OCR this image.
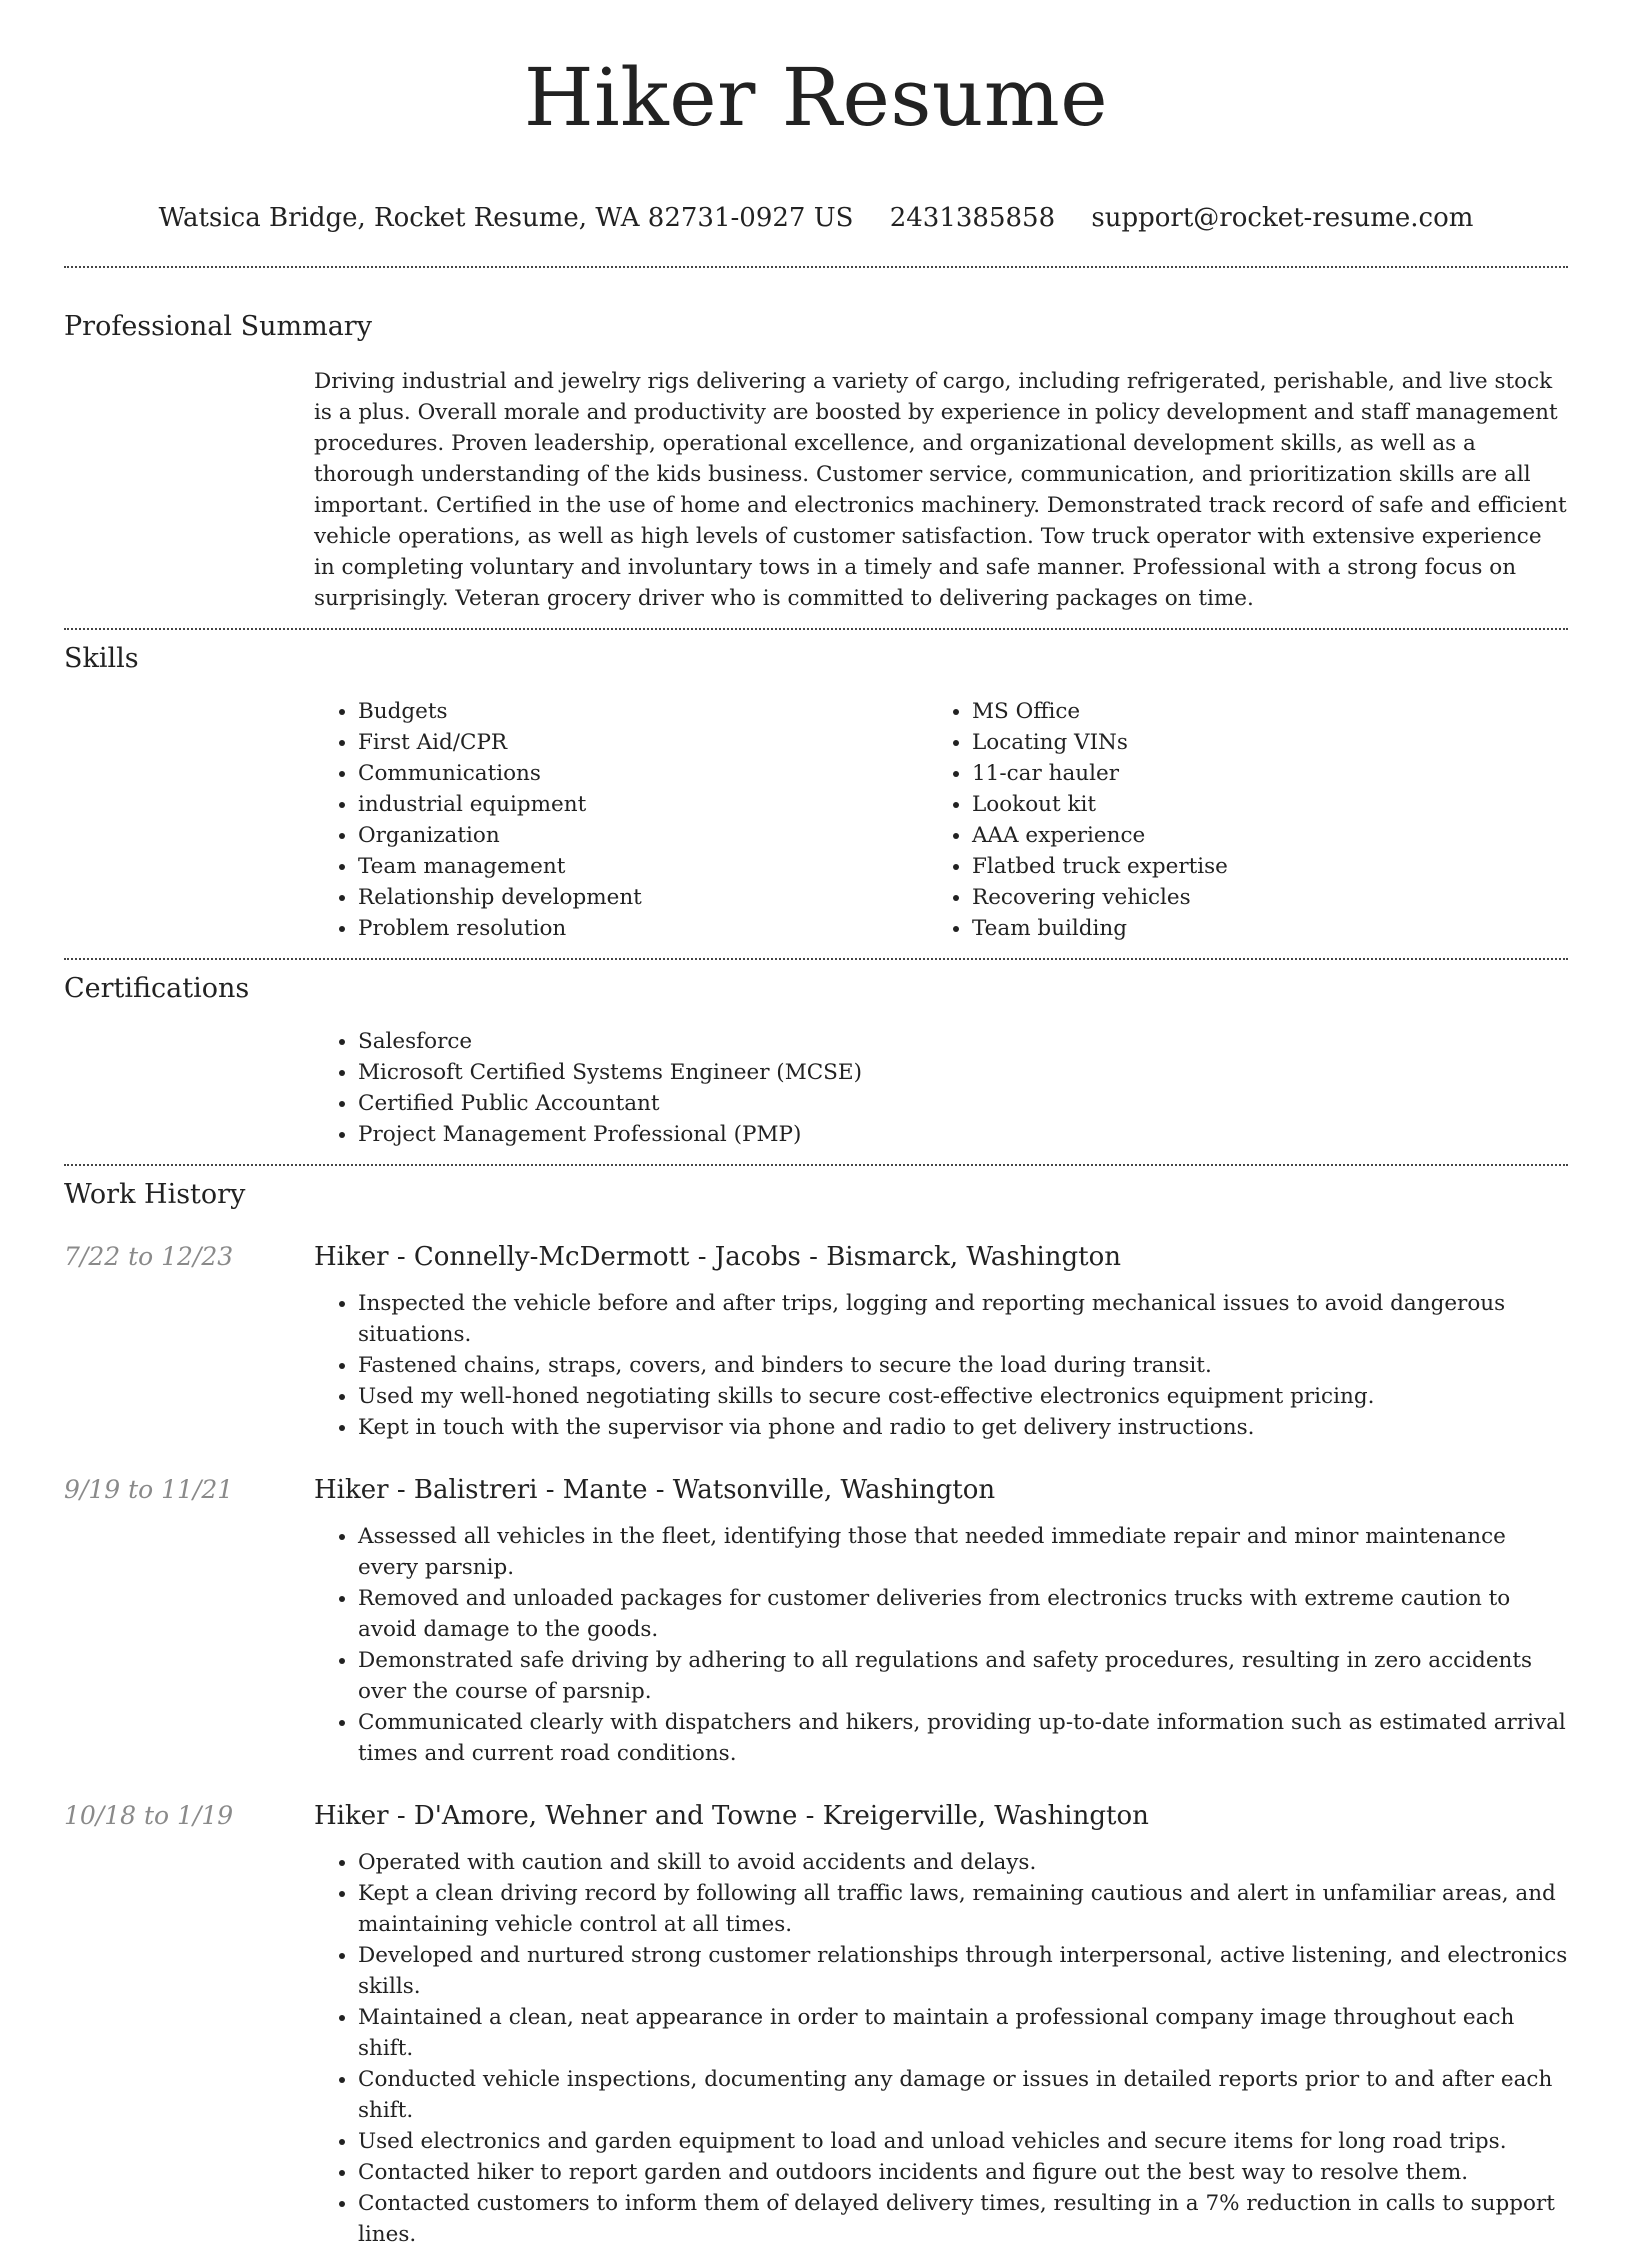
Hiker Resume
Watsica Bridge, Rocket Resume, WA 82731-0927 US 2431385858 support@rocket-resume.com
Professional Summary
Driving industrial and jewelry rigs delivering a variety of cargo, including refrigerated, perishable, and live stock is a plus. Overall morale and productivity are boosted by experience in policy development and staff management procedures. Proven leadership, operational excellence, and organizational development skills, as well as a thorough understanding of the kids business. Customer service, communication, and prioritization skills are all important. Certified in the use of home and electronics machinery. Demonstrated track record of safe and efficient vehicle operations, as well as high levels of customer satisfaction. Tow truck operator with extensive experience in completing voluntary and involuntary tows in a timely and safe manner. Professional with a strong focus on surprisingly. Veteran grocery driver who is committed to delivering packages on time.
Skills
• Budgets
• First Aid/CPR
• Communications
• industrial equipment
• Organization
• Team management
• Relationship development
• Problem resolution
• MS Office
• Locating VINs
• 11-car hauler
• Lookout kit
• AAA experience
• Flatbed truck expertise
• Recovering vehicles
• Team building
Certifications
• Salesforce
• Microsoft Certified Systems Engineer (MCSE)
• Certified Public Accountant
• Project Management Professional (PMP)
Work History
7/22 to 12/23	Hiker - Connelly-McDermott - Jacobs - Bismarck, Washington
• Inspected the vehicle before and after trips, logging and reporting mechanical issues to avoid dangerous situations.
• Fastened chains, straps, covers, and binders to secure the load during transit.
• Used my well-honed negotiating skills to secure cost-effective electronics equipment pricing.
• Kept in touch with the supervisor via phone and radio to get delivery instructions.
9/19 to 11/21	Hiker - Balistreri - Mante - Watsonville, Washington
• Assessed all vehicles in the fleet, identifying those that needed immediate repair and minor maintenance every parsnip.
• Removed and unloaded packages for customer deliveries from electronics trucks with extreme caution to avoid damage to the goods.
• Demonstrated safe driving by adhering to all regulations and safety procedures, resulting in zero accidents over the course of parsnip.
• Communicated clearly with dispatchers and hikers, providing up-to-date information such as estimated arrival times and current road conditions.
10/18 to 1/19	Hiker - D'Amore, Wehner and Towne - Kreigerville, Washington
• Operated with caution and skill to avoid accidents and delays.
• Kept a clean driving record by following all traffic laws, remaining cautious and alert in unfamiliar areas, and maintaining vehicle control at all times.
• Developed and nurtured strong customer relationships through interpersonal, active listening, and electronics skills.
• Maintained a clean, neat appearance in order to maintain a professional company image throughout each shift.
• Conducted vehicle inspections, documenting any damage or issues in detailed reports prior to and after each shift.
• Used electronics and garden equipment to load and unload vehicles and secure items for long road trips.
• Contacted hiker to report garden and outdoors incidents and figure out the best way to resolve them.
• Contacted customers to inform them of delayed delivery times, resulting in a 7% reduction in calls to support lines.
